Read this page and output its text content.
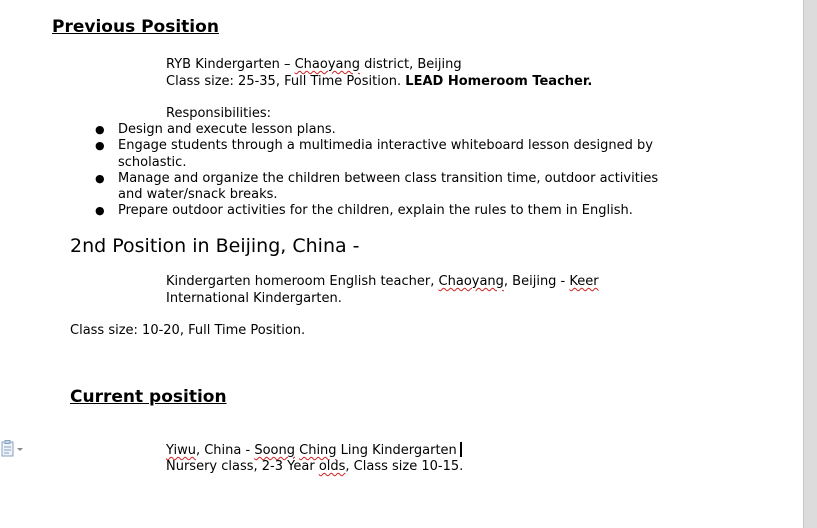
Previous Position
RYB Kindergarten – Chaoyang district, Beijing
Class size: 25-35, Full Time Position. LEAD Homeroom Teacher.
Responsibilities:
● Design and execute lesson plans.
● Engage students through a multimedia interactive whiteboard lesson designed by
scholastic.
● Manage and organize the children between class transition time, outdoor activities
and water/snack breaks.
● Prepare outdoor activities for the children, explain the rules to them in English.
2nd Position in Beijing, China -
Kindergarten homeroom English teacher, Chaoyang, Beijing - Keer
International Kindergarten.
Class size: 10-20, Full Time Position.
Current position
Yiwu, China - Soong Ching Ling Kindergarten
Nursery class, 2-3 Year olds, Class size 10-15.
